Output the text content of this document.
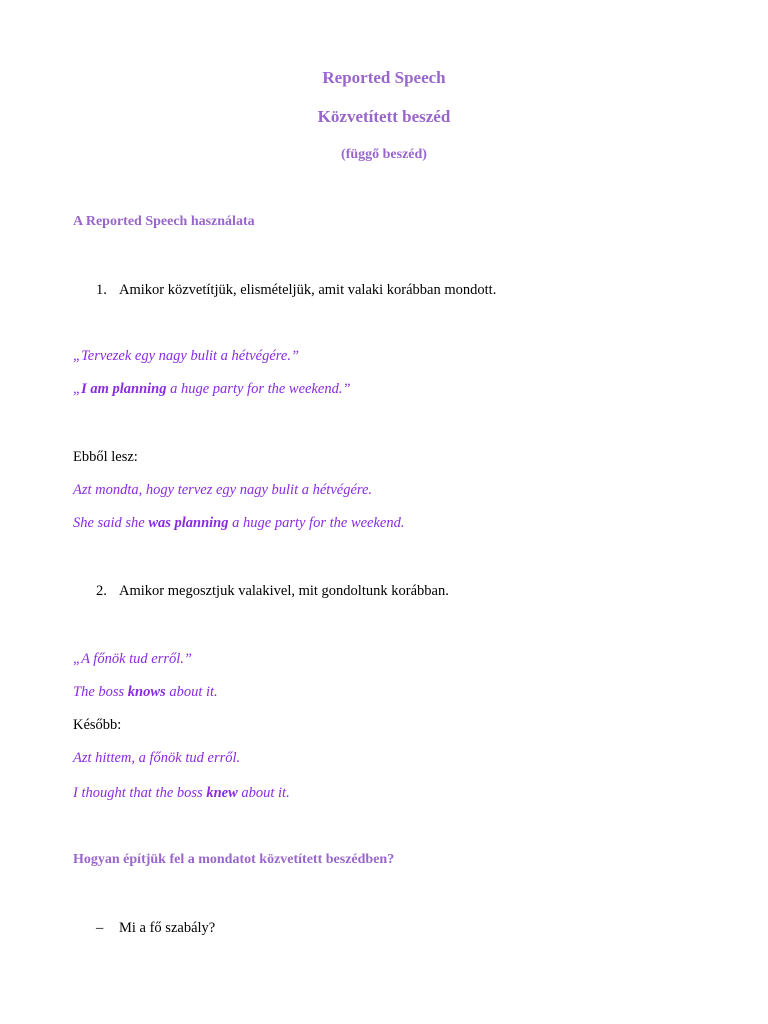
Reported Speech
Közvetített beszéd

(függő beszéd)

A Reported Speech használata
1. Amikor közvetítjük, elismételjük, amit valaki korábban mondott.

„Tervezek egy nagy bulit a hétvégére.”

„I am planning a huge party for the weekend.”

Ebből lesz:

Azt mondta, hogy tervez egy nagy bulit a hétvégére.

She said she was planning a huge party for the weekend.

2. Amikor megosztjuk valakivel, mit gondoltunk korábban.

„A főnök tud erről.”

The boss knows about it.

Később:

Azt hittem, a főnök tud erről.

I thought that the boss knew about it.

Hogyan építjük fel a mondatot közvetített beszédben?
– Mi a fő szabály?
